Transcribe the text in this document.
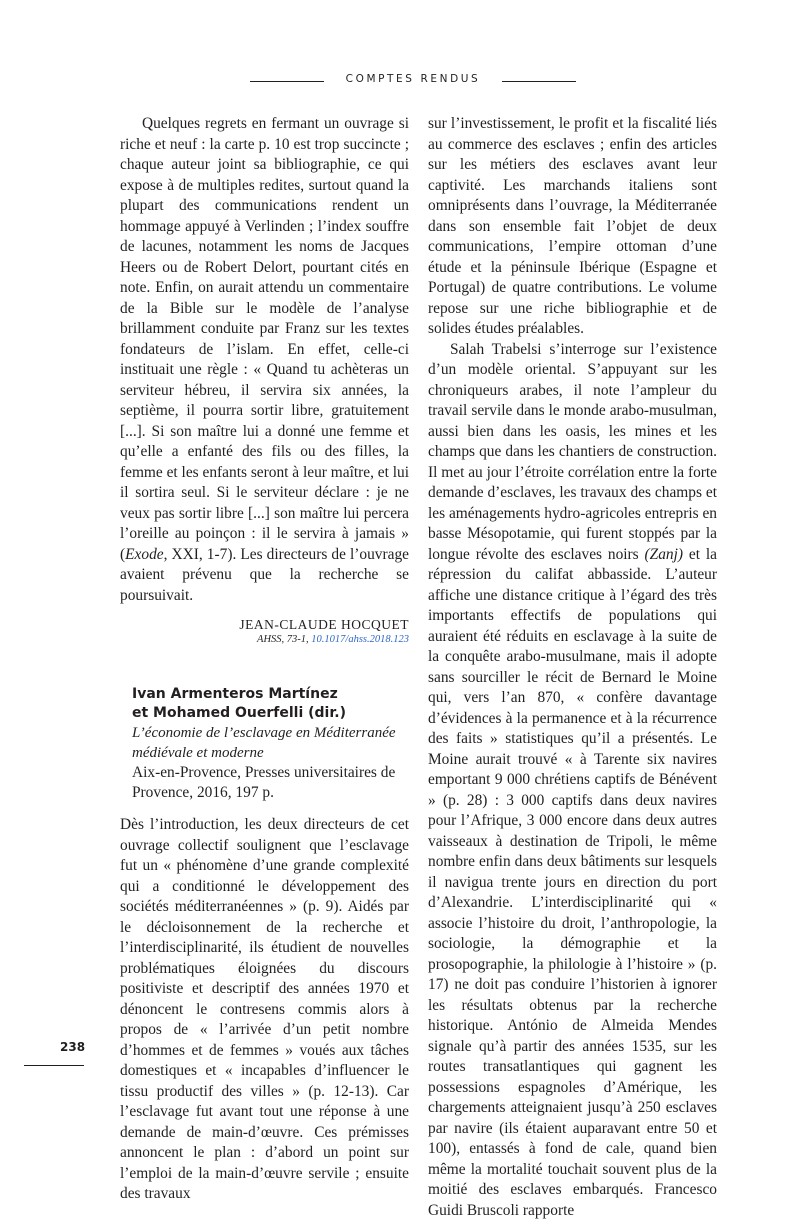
COMPTES RENDUS

Quelques regrets en fermant un ouvrage si riche et neuf : la carte p. 10 est trop succincte ; chaque auteur joint sa bibliographie, ce qui expose à de multiples redites, surtout quand la plupart des communications rendent un hommage appuyé à Verlinden ; l’index souffre de lacunes, notamment les noms de Jacques Heers ou de Robert Delort, pourtant cités en note. Enfin, on aurait attendu un commentaire de la Bible sur le modèle de l’analyse brillamment conduite par Franz sur les textes fondateurs de l’islam. En effet, celle-ci instituait une règle : « Quand tu achèteras un serviteur hébreu, il servira six années, la septième, il pourra sortir libre, gratuitement [...]. Si son maître lui a donné une femme et qu’elle a enfanté des fils ou des filles, la femme et les enfants seront à leur maître, et lui il sortira seul. Si le serviteur déclare : je ne veux pas sortir libre [...] son maître lui percera l’oreille au poinçon : il le servira à jamais » (Exode, XXI, 1-7). Les directeurs de l’ouvrage avaient prévenu que la recherche se poursuivait.

JEAN-CLAUDE HOCQUET
AHSS, 73-1, 10.1017/ahss.2018.123
Ivan Armenteros Martínez
et Mohamed Ouerfelli (dir.)
L’économie de l’esclavage en Méditerranée médiévale et moderne
Aix-en-Provence, Presses universitaires de Provence, 2016, 197 p.

Dès l’introduction, les deux directeurs de cet ouvrage collectif soulignent que l’esclavage fut un « phénomène d’une grande complexité qui a conditionné le développement des sociétés méditerranéennes » (p. 9). Aidés par le décloisonnement de la recherche et l’interdisciplinarité, ils étudient de nouvelles problématiques éloignées du discours positiviste et descriptif des années 1970 et dénoncent le contresens commis alors à propos de « l’arrivée d’un petit nombre d’hommes et de femmes » voués aux tâches domestiques et « incapables d’influencer le tissu productif des villes » (p. 12-13). Car l’esclavage fut avant tout une réponse à une demande de main-d’œuvre. Ces prémisses annoncent le plan : d’abord un point sur l’emploi de la main-d’œuvre servile ; ensuite des travaux

sur l’investissement, le profit et la fiscalité liés au commerce des esclaves ; enfin des articles sur les métiers des esclaves avant leur captivité. Les marchands italiens sont omniprésents dans l’ouvrage, la Méditerranée dans son ensemble fait l’objet de deux communications, l’empire ottoman d’une étude et la péninsule Ibérique (Espagne et Portugal) de quatre contributions. Le volume repose sur une riche bibliographie et de solides études préalables.

Salah Trabelsi s’interroge sur l’existence d’un modèle oriental. S’appuyant sur les chroniqueurs arabes, il note l’ampleur du travail servile dans le monde arabo-musulman, aussi bien dans les oasis, les mines et les champs que dans les chantiers de construction. Il met au jour l’étroite corrélation entre la forte demande d’esclaves, les travaux des champs et les aménagements hydro-agricoles entrepris en basse Mésopotamie, qui furent stoppés par la longue révolte des esclaves noirs (Zanj) et la répression du califat abbasside. L’auteur affiche une distance critique à l’égard des très importants effectifs de populations qui auraient été réduits en esclavage à la suite de la conquête arabo-musulmane, mais il adopte sans sourciller le récit de Bernard le Moine qui, vers l’an 870, « confère davantage d’évidences à la permanence et à la récurrence des faits » statistiques qu’il a présentés. Le Moine aurait trouvé « à Tarente six navires emportant 9 000 chrétiens captifs de Bénévent » (p. 28) : 3 000 captifs dans deux navires pour l’Afrique, 3 000 encore dans deux autres vaisseaux à destination de Tripoli, le même nombre enfin dans deux bâtiments sur lesquels il navigua trente jours en direction du port d’Alexandrie. L’interdisciplinarité qui « associe l’histoire du droit, l’anthropologie, la sociologie, la démographie et la prosopographie, la philologie à l’histoire » (p. 17) ne doit pas conduire l’historien à ignorer les résultats obtenus par la recherche historique. António de Almeida Mendes signale qu’à partir des années 1535, sur les routes transatlantiques qui gagnent les possessions espagnoles d’Amérique, les chargements atteignaient jusqu’à 250 esclaves par navire (ils étaient auparavant entre 50 et 100), entassés à fond de cale, quand bien même la mortalité touchait souvent plus de la moitié des esclaves embarqués. Francesco Guidi Bruscoli rapporte

238
